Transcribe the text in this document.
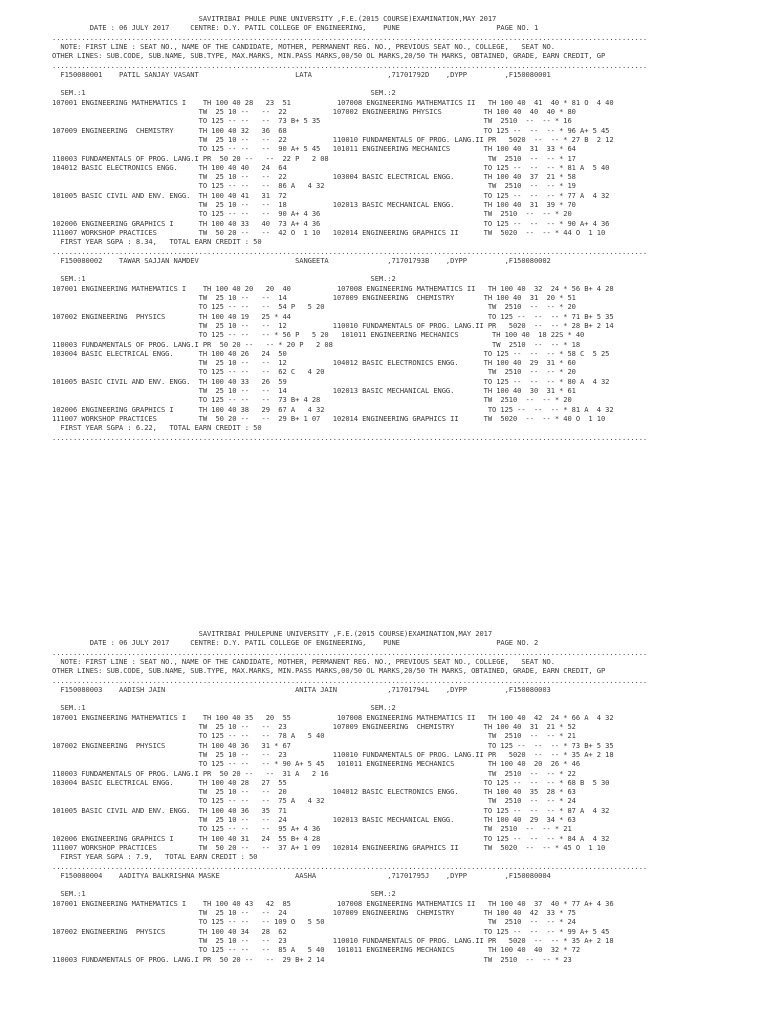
SAVITRIBAI PHULE PUNE UNIVERSITY ,F.E.(2015 COURSE)EXAMINATION,MAY 2017
DATE : 06 JULY 2017     CENTRE: D.Y. PATIL COLLEGE OF ENGINEERING,    PUNE                       PAGE NO. 1
..............................................................................................................................................
NOTE: FIRST LINE : SEAT NO., NAME OF THE CANDIDATE, MOTHER, PERMANENT REG. NO., PREVIOUS SEAT NO., COLLEGE,   SEAT NO.
OTHER LINES: SUB.CODE, SUB.NAME, SUB.TYPE, MAX.MARKS, MIN.PASS MARKS,00/50 OL MARKS,20/50 TH MARKS, OBTAINED, GRADE, EARN CREDIT, GP
..............................................................................................................................................
F150080001    PATIL SANJAY VASANT                       LATA                  ,71701792D    ,DYPP         ,F150080001
SEM.:1                                                                    SEM.:2
107001 ENGINEERING MATHEMATICS I    TH 100 40 28   23  51           107008 ENGINEERING MATHEMATICS II   TH 100 40  41  40 * 81 O  4 40
TW  25 10 --   --  22           107002 ENGINEERING PHYSICS          TH 100 40  40  40 * 80
TO 125 -- --   --  73 B+ 5 35                                       TW  2510  --  -- * 16
107009 ENGINEERING  CHEMISTRY      TH 100 40 32   36  68                                               TO 125 --  --  -- * 96 A+ 5 45
TW  25 10 --   --  22           110010 FUNDAMENTALS OF PROG. LANG.II PR   5020  --  -- * 27 B  2 12
TO 125 -- --   --  90 A+ 5 45   101011 ENGINEERING MECHANICS        TH 100 40  31  33 * 64
110003 FUNDAMENTALS OF PROG. LANG.I PR  50 20 --   --  22 P   2 08                                      TW  2510  --  -- * 17
104012 BASIC ELECTRONICS ENGG.     TH 100 40 40   24  64                                               TO 125 --  --  -- * 81 A  5 40
TW  25 10 --   --  22           103004 BASIC ELECTRICAL ENGG.       TH 100 40  37  21 * 58
TO 125 -- --   --  86 A   4 32                                       TW  2510  --  -- * 19
101005 BASIC CIVIL AND ENV. ENGG.  TH 100 40 41   31  72                                               TO 125 --  --  -- * 77 A  4 32
TW  25 10 --   --  18           102013 BASIC MECHANICAL ENGG.       TH 100 40  31  39 * 70
TO 125 -- --   --  90 A+ 4 36                                       TW  2510  --  -- * 20
102006 ENGINEERING GRAPHICS I      TH 100 40 33   40  73 A+ 4 36                                       TO 125 --  --  -- * 90 A+ 4 36
111007 WORKSHOP PRACTICES          TW  50 20 --   --  42 O  1 10   102014 ENGINEERING GRAPHICS II      TW  5020  --  -- * 44 O  1 10
FIRST YEAR SGPA : 8.34,   TOTAL EARN CREDIT : 50
..............................................................................................................................................
F150080002    TAWAR SAJJAN NAMDEV                       SANGEETA              ,71701793B    ,DYPP         ,F150080002
SEM.:1                                                                    SEM.:2
107001 ENGINEERING MATHEMATICS I    TH 100 40 20   20  40           107008 ENGINEERING MATHEMATICS II   TH 100 40  32  24 * 56 B+ 4 28
TW  25 10 --   --  14           107009 ENGINEERING  CHEMISTRY       TH 100 40  31  20 * 51
TO 125 -- --   --  54 P   5 20                                       TW  2510  --  -- * 20
107002 ENGINEERING  PHYSICS        TH 100 40 19   25 * 44                                               TO 125 --  --  -- * 71 B+ 5 35
TW  25 10 --   --  12           110010 FUNDAMENTALS OF PROG. LANG.II PR   5020  --  -- * 28 B+ 2 14
TO 125 -- --   -- * 56 P   5 20   101011 ENGINEERING MECHANICS        TH 100 40  18 22S * 40
110003 FUNDAMENTALS OF PROG. LANG.I PR  50 20 --   -- * 20 P   2 08                                      TW  2510  --  -- * 18
103004 BASIC ELECTRICAL ENGG.      TH 100 40 26   24  50                                               TO 125 --  --  -- * 58 C  5 25
TW  25 10 --   --  12           104012 BASIC ELECTRONICS ENGG.      TH 100 40  29  31 * 60
TO 125 -- --   --  62 C   4 20                                       TW  2510  --  -- * 20
101005 BASIC CIVIL AND ENV. ENGG.  TH 100 40 33   26  59                                               TO 125 --  --  -- * 80 A  4 32
TW  25 10 --   --  14           102013 BASIC MECHANICAL ENGG.       TH 100 40  30  31 * 61
TO 125 -- --   --  73 B+ 4 28                                       TW  2510  --  -- * 20
102006 ENGINEERING GRAPHICS I      TH 100 40 38   29  67 A   4 32                                       TO 125 --  --  -- * 81 A  4 32
111007 WORKSHOP PRACTICES          TW  50 20 --   --  29 B+ 1 07   102014 ENGINEERING GRAPHICS II      TW  5020  --  -- * 40 O  1 10
FIRST YEAR SGPA : 6.22,   TOTAL EARN CREDIT : 50
..............................................................................................................................................
SAVITRIBAI PHULEPUNE UNIVERSITY ,F.E.(2015 COURSE)EXAMINATION,MAY 2017
DATE : 06 JULY 2017     CENTRE: D.Y. PATIL COLLEGE OF ENGINEERING,    PUNE                       PAGE NO. 2
..............................................................................................................................................
NOTE: FIRST LINE : SEAT NO., NAME OF THE CANDIDATE, MOTHER, PERMANENT REG. NO., PREVIOUS SEAT NO., COLLEGE,   SEAT NO.
OTHER LINES: SUB.CODE, SUB.NAME, SUB.TYPE, MAX.MARKS, MIN.PASS MARKS,00/50 OL MARKS,20/50 TH MARKS, OBTAINED, GRADE, EARN CREDIT, GP
..............................................................................................................................................
F150080003    AADISH JAIN                               ANITA JAIN            ,71701794L    ,DYPP         ,F150080003
SEM.:1                                                                    SEM.:2
107001 ENGINEERING MATHEMATICS I    TH 100 40 35   20  55           107008 ENGINEERING MATHEMATICS II   TH 100 40  42  24 * 66 A  4 32
TW  25 10 --   --  23           107009 ENGINEERING  CHEMISTRY       TH 100 40  31  21 * 52
TO 125 -- --   --  78 A   5 40                                       TW  2510  --  -- * 21
107002 ENGINEERING  PHYSICS        TH 100 40 36   31 * 67                                               TO 125 --  --  -- * 73 B+ 5 35
TW  25 10 --   --  23           110010 FUNDAMENTALS OF PROG. LANG.II PR   5020  --  -- * 35 A+ 2 18
TO 125 -- --   -- * 90 A+ 5 45   101011 ENGINEERING MECHANICS        TH 100 40  20  26 * 46
110003 FUNDAMENTALS OF PROG. LANG.I PR  50 20 --   --  31 A   2 16                                      TW  2510  --  -- * 22
103004 BASIC ELECTRICAL ENGG.      TH 100 40 28   27  55                                               TO 125 --  --  -- * 68 B  5 30
TW  25 10 --   --  20           104012 BASIC ELECTRONICS ENGG.      TH 100 40  35  28 * 63
TO 125 -- --   --  75 A   4 32                                       TW  2510  --  -- * 24
101005 BASIC CIVIL AND ENV. ENGG.  TH 100 40 36   35  71                                               TO 125 --  --  -- * 87 A  4 32
TW  25 10 --   --  24           102013 BASIC MECHANICAL ENGG.       TH 100 40  29  34 * 63
TO 125 -- --   --  95 A+ 4 36                                       TW  2510  --  -- * 21
102006 ENGINEERING GRAPHICS I      TH 100 40 31   24  55 B+ 4 28                                       TO 125 --  --  -- * 84 A  4 32
111007 WORKSHOP PRACTICES          TW  50 20 --   --  37 A+ 1 09   102014 ENGINEERING GRAPHICS II      TW  5020  --  -- * 45 O  1 10
FIRST YEAR SGPA : 7.9,   TOTAL EARN CREDIT : 50
..............................................................................................................................................
F150080004    AADITYA BALKRISHNA MASKE                  AASHA                 ,71701795J    ,DYPP         ,F150080004
SEM.:1                                                                    SEM.:2
107001 ENGINEERING MATHEMATICS I    TH 100 40 43   42  85           107008 ENGINEERING MATHEMATICS II   TH 100 40  37  40 * 77 A+ 4 36
TW  25 10 --   --  24           107009 ENGINEERING  CHEMISTRY       TH 100 40  42  33 * 75
TO 125 -- --   -- 109 O   5 50                                       TW  2510  --  -- * 24
107002 ENGINEERING  PHYSICS        TH 100 40 34   28  62                                               TO 125 --  --  -- * 99 A+ 5 45
TW  25 10 --   --  23           110010 FUNDAMENTALS OF PROG. LANG.II PR   5020  --  -- * 35 A+ 2 18
TO 125 -- --   --  85 A   5 40   101011 ENGINEERING MECHANICS        TH 100 40  40  32 * 72
110003 FUNDAMENTALS OF PROG. LANG.I PR  50 20 --   --  29 B+ 2 14                                      TW  2510  --  -- * 23
